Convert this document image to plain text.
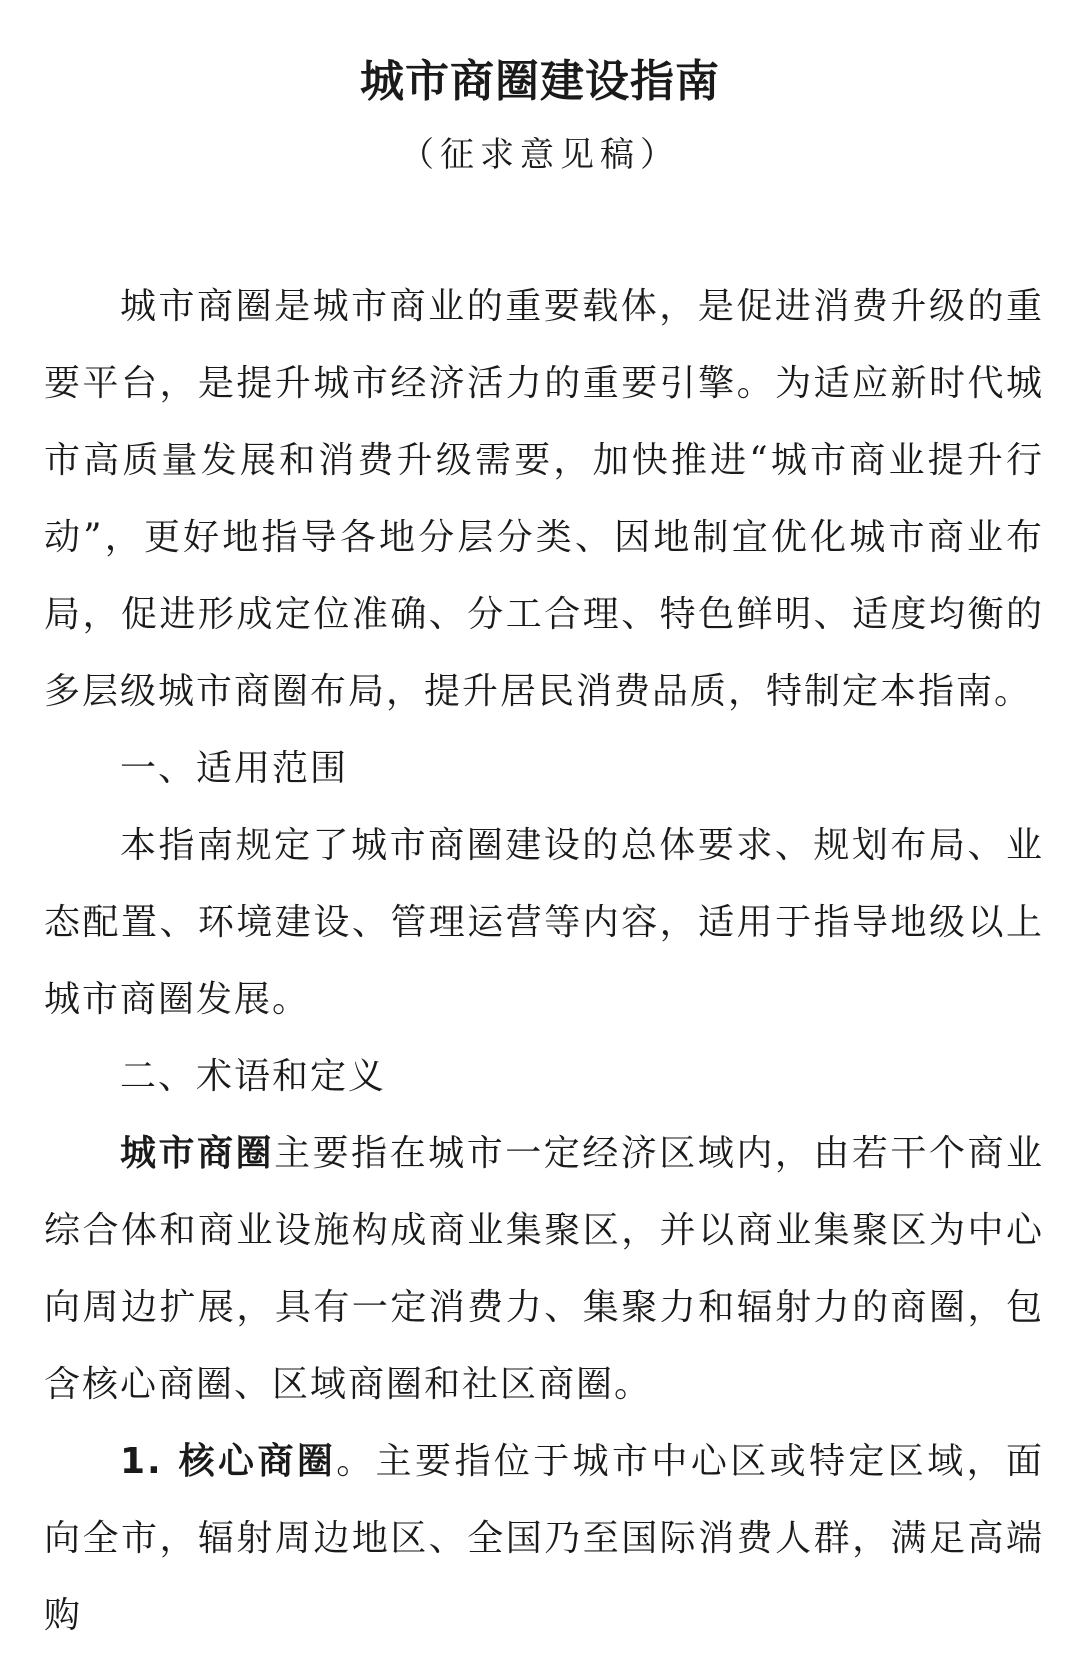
城市商圈建设指南
（征求意见稿）

城市商圈是城市商业的重要载体，是促进消费升级的重要平台，是提升城市经济活力的重要引擎。为适应新时代城市高质量发展和消费升级需要，加快推进“城市商业提升行动”，更好地指导各地分层分类、因地制宜优化城市商业布局，促进形成定位准确、分工合理、特色鲜明、适度均衡的多层级城市商圈布局，提升居民消费品质，特制定本指南。

一、适用范围

本指南规定了城市商圈建设的总体要求、规划布局、业态配置、环境建设、管理运营等内容，适用于指导地级以上城市商圈发展。

二、术语和定义

城市商圈主要指在城市一定经济区域内，由若干个商业综合体和商业设施构成商业集聚区，并以商业集聚区为中心向周边扩展，具有一定消费力、集聚力和辐射力的商圈，包含核心商圈、区域商圈和社区商圈。

1. 核心商圈。主要指位于城市中心区或特定区域，面向全市，辐射周边地区、全国乃至国际消费人群，满足高端购
